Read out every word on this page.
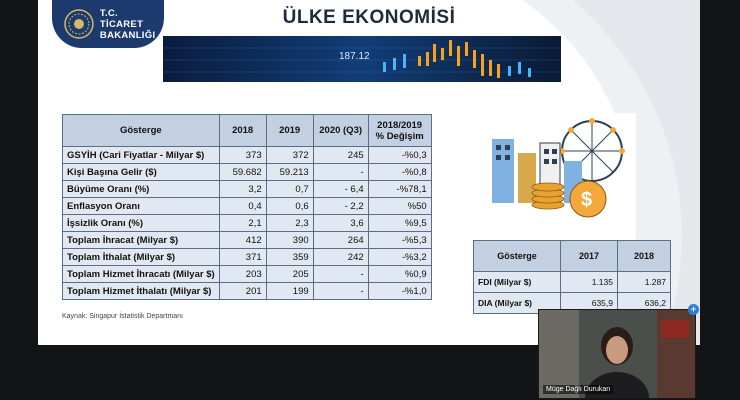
T.C. TİCARET
BAKANLIĞI
ÜLKE EKONOMİSİ
187.12
Gösterge	2018	2019	2020 (Q3)	2018/2019
% Değişim

GSYİH (Cari Fiyatlar - Milyar $)	373	372	245	-%0,3
Kişi Başına Gelir ($)	59.682	59.213	-	-%0,8
Büyüme Oranı (%)	3,2	0,7	- 6,4	-%78,1
Enflasyon Oranı	0,4	0,6	- 2,2	%50
İşsizlik Oranı (%)	2,1	2,3	3,6	%9,5
Toplam İhracat (Milyar $)	412	390	264	-%5,3
Toplam İthalat (Milyar $)	371	359	242	-%3,2
Toplam Hizmet İhracatı (Milyar $)	203	205	-	%0,9
Toplam Hizmet İthalatı (Milyar $)	201	199	-	-%1,0
Kaynak: Singapur İstatistik Departmanı
$
Gösterge	2017	2018
FDI (Milyar $)	1.135	1.287
DIA (Milyar $)	635,9	636,2
Müge Dağlı Durukan
+
